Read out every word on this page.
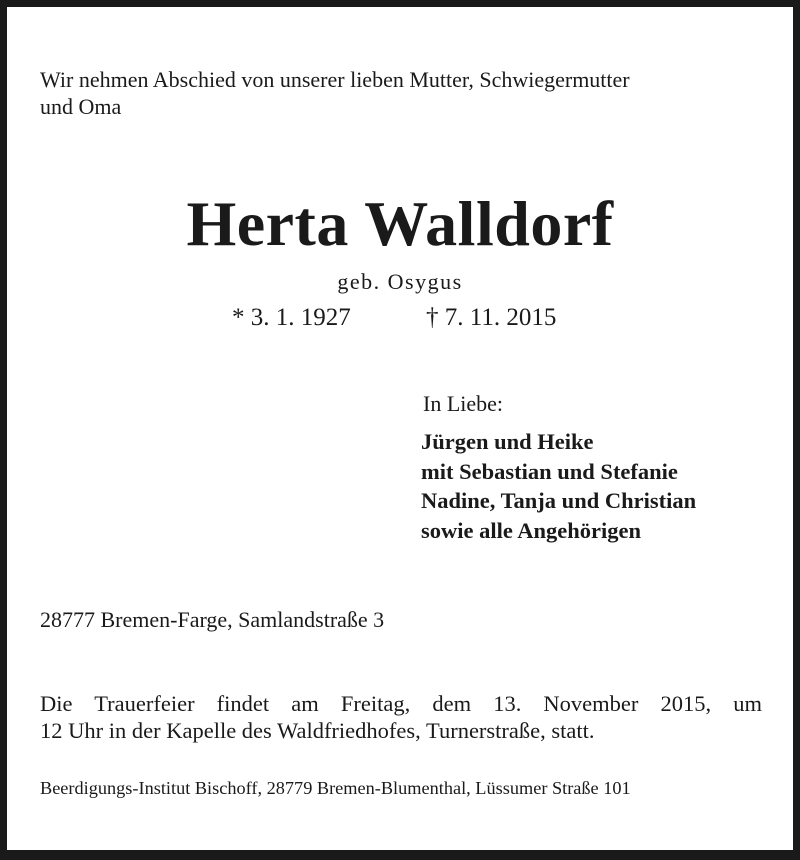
Wir nehmen Abschied von unserer lieben Mutter, Schwiegermutter
und Oma

Herta Walldorf
geb. Osygus
* 3. 1. 1927	† 7. 11. 2015
In Liebe:
Jürgen und Heike
mit Sebastian und Stefanie
Nadine, Tanja und Christian
sowie alle Angehörigen
28777 Bremen-Farge, Samlandstraße 3

Die Trauerfeier findet am Freitag, dem 13. November 2015, um
12 Uhr in der Kapelle des Waldfriedhofes, Turnerstraße, statt.

Beerdigungs-Institut Bischoff, 28779 Bremen-Blumenthal, Lüssumer Straße 101
